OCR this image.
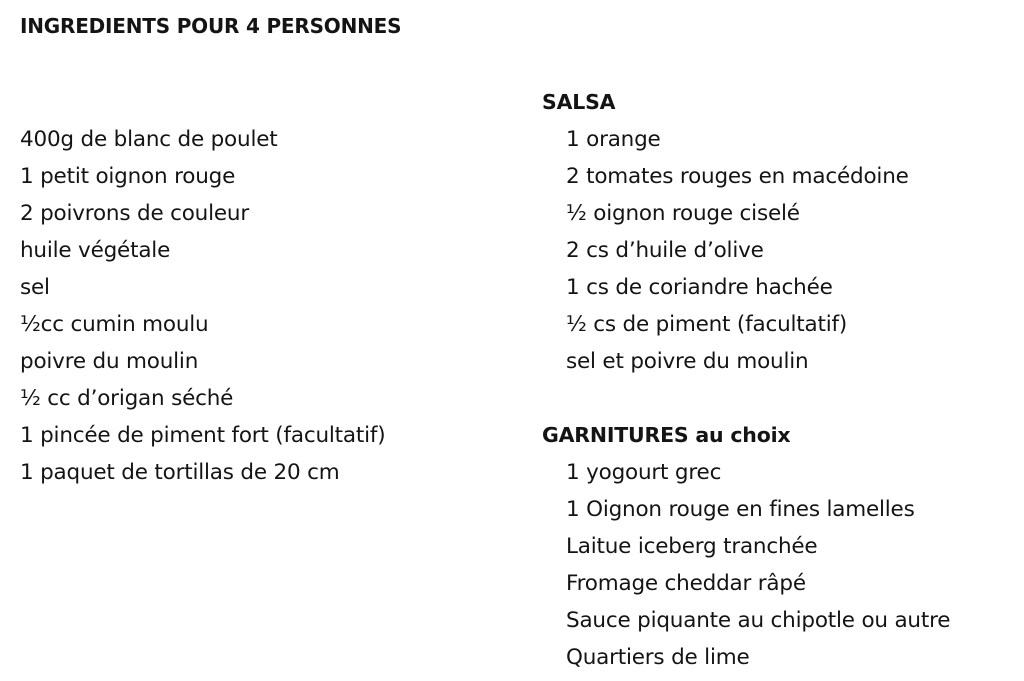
INGREDIENTS POUR 4 PERSONNES
400g de blanc de poulet
1 petit oignon rouge
2 poivrons de couleur
huile végétale
sel
½cc cumin moulu
poivre du moulin
½ cc d’origan séché
1 pincée de piment fort (facultatif)
1 paquet de tortillas de 20 cm
SALSA
1 orange
2 tomates rouges en macédoine
½ oignon rouge ciselé
2 cs d’huile d’olive
1 cs de coriandre hachée
½ cs de piment (facultatif)
sel et poivre du moulin
GARNITURES au choix
1 yogourt grec
1 Oignon rouge en fines lamelles
Laitue iceberg tranchée
Fromage cheddar râpé
Sauce piquante au chipotle ou autre
Quartiers de lime
